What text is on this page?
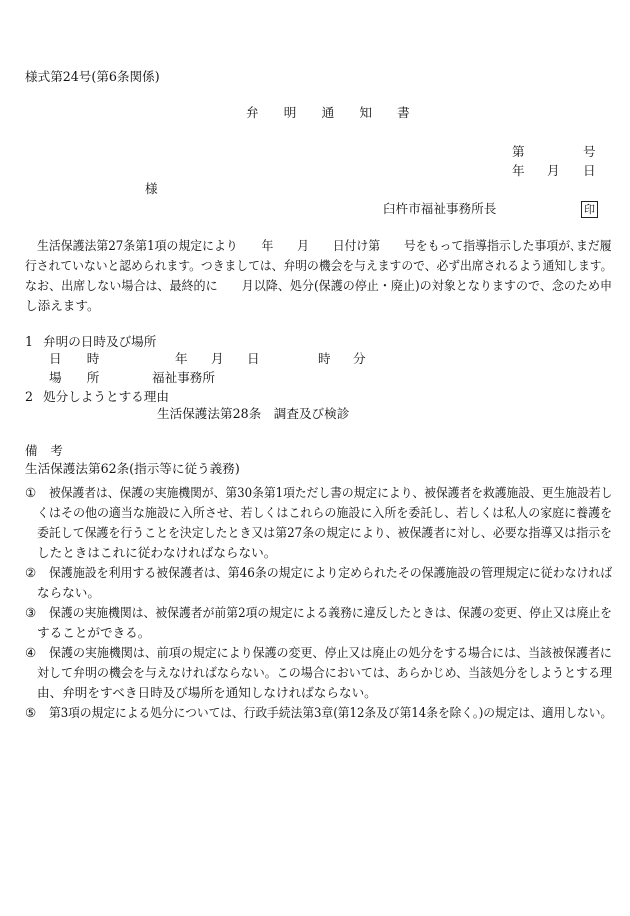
様式第24号(第6条関係)
弁　　明　　通　　知　　書
第	号
年 月 日
様
臼杵市福祉事務所長	印
生活保護法第27条第1項の規定により　　年　　月　　日付け第　　号をもって指導指示した事項が､まだ履
行されていないと認められます。つきましては、弁明の機会を与えますので、必ず出席されるよう通知します。
なお、出席しない場合は、最終的に　　月以降、処分(保護の停止・廃止)の対象となりますので、念のため申
し添えます。
1 弁明の日時及び場所
日　　時	年 月 日	時 分
場　　所	福祉事務所
2 処分しようとする理由
生活保護法第28条　調査及び検診
備　考
生活保護法第62条(指示等に従う義務)
① 被保護者は、保護の実施機関が、第30条第1項ただし書の規定により、被保護者を救護施設、更生施設若し
くはその他の適当な施設に入所させ、若しくはこれらの施設に入所を委託し、若しくは私人の家庭に養護を
委託して保護を行うことを決定したとき又は第27条の規定により、被保護者に対し、必要な指導又は指示を
したときはこれに従わなければならない。
② 保護施設を利用する被保護者は、第46条の規定により定められたその保護施設の管理規定に従わなければ
ならない。
③ 保護の実施機関は、被保護者が前第2項の規定による義務に違反したときは、保護の変更、停止又は廃止を
することができる。
④ 保護の実施機関は、前項の規定により保護の変更、停止又は廃止の処分をする場合には、当該被保護者に
対して弁明の機会を与えなければならない。この場合においては、あらかじめ、当該処分をしようとする理
由、弁明をすべき日時及び場所を通知しなければならない。
⑤ 第3項の規定による処分については、行政手続法第3章(第12条及び第14条を除く。)の規定は、適用しない。
